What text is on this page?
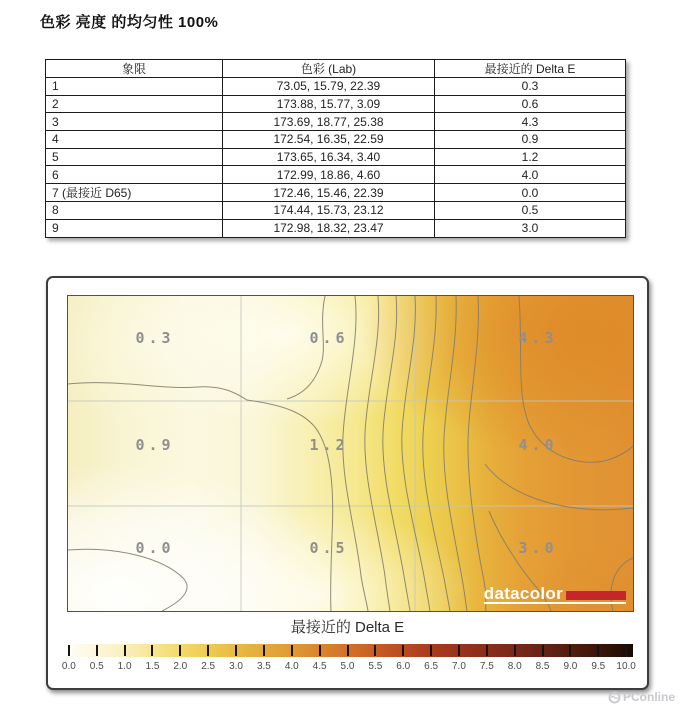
色彩 亮度 的均匀性 100%
象限	色彩 (Lab)	最接近的 Delta E
1	73.05, 15.79, 22.39	0.3
2	173.88, 15.77, 3.09	0.6
3	173.69, 18.77, 25.38	4.3
4	172.54, 16.35, 22.59	0.9
5	173.65, 16.34, 3.40	1.2
6	172.99, 18.86, 4.60	4.0
7 (最接近 D65)	172.46, 15.46, 22.39	0.0
8	174.44, 15.73, 23.12	0.5
9	172.98, 18.32, 23.47	3.0
0.3	0.6	4.3
0.9	1.2	4.0
0.0	0.5	3.0
datacolor
最接近的 Delta E
0.0 0.5 1.0 1.5 2.0 2.5 3.0 3.5 4.0 4.5 5.0 5.5 6.0 6.5 7.0 7.5 8.0 8.5 9.0 9.5 10.0
PConline
